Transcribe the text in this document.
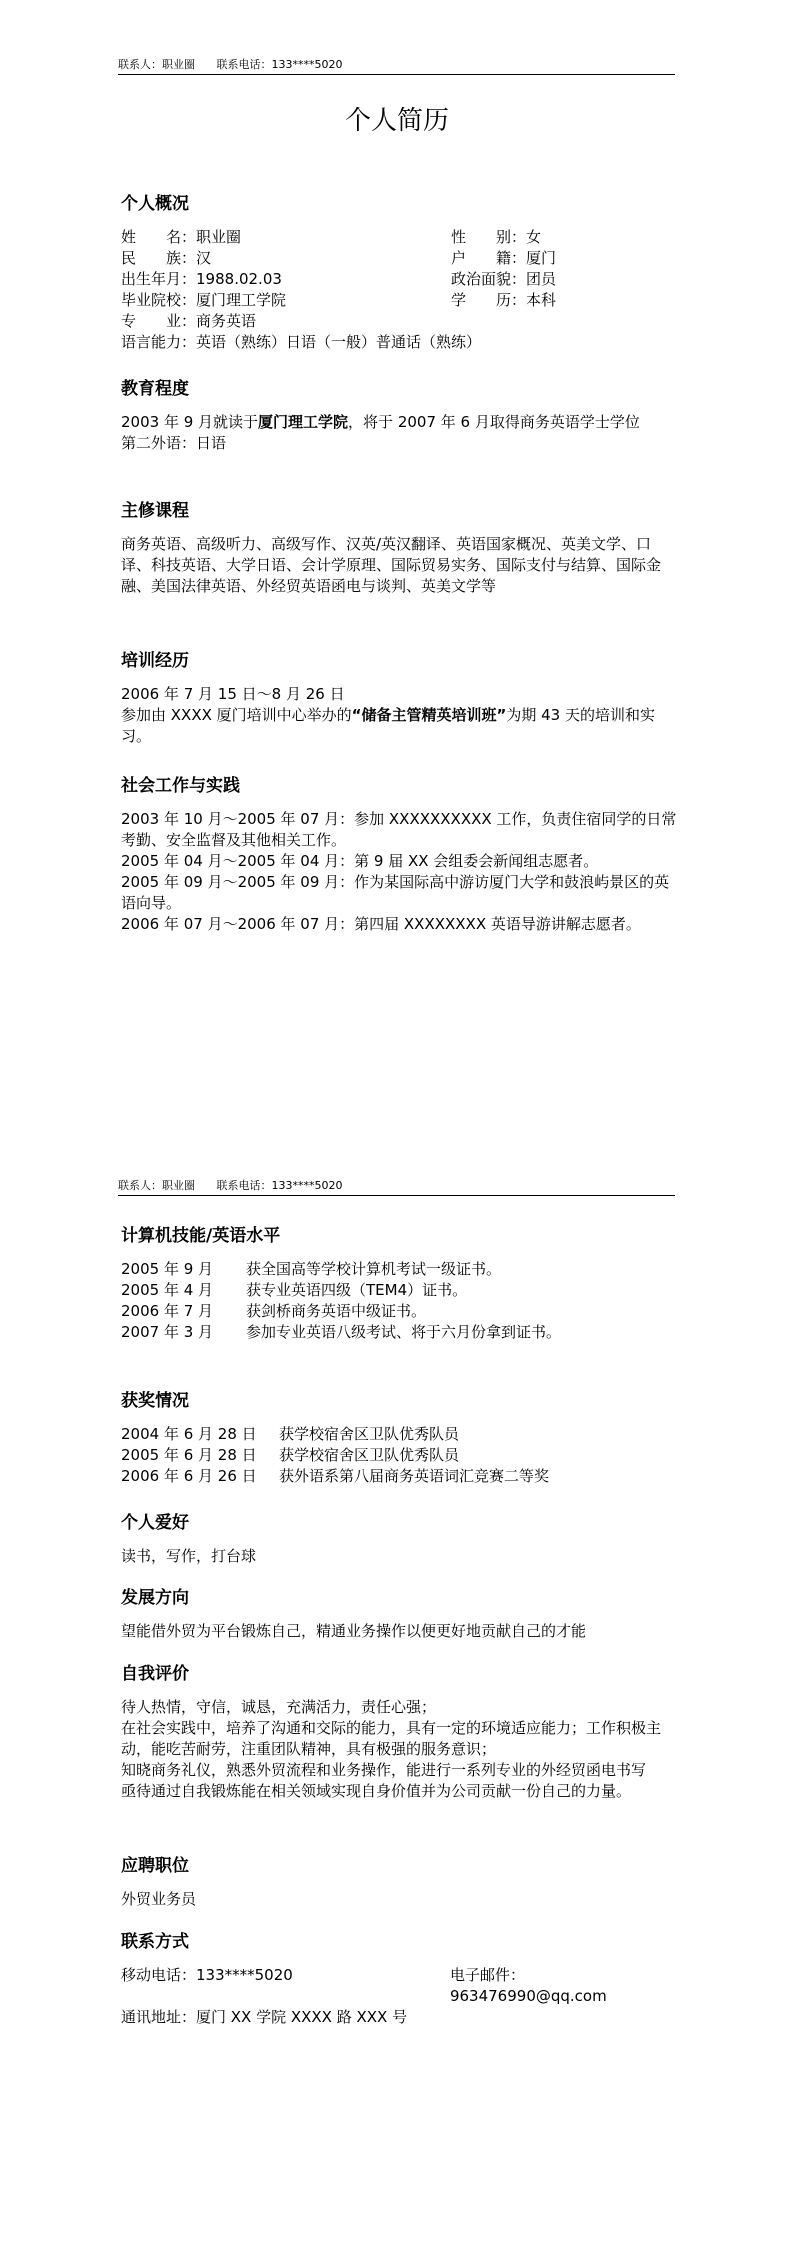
联系人：职业圈 联系电话：133****5020
个人简历
个人概况
姓　　名： 职业圈	性　　别： 女
民　　族： 汉	户　　籍： 厦门
出生年月： 1988.02.03	政治面貌： 团员
毕业院校： 厦门理工学院	学　　历： 本科
专　　业： 商务英语
语言能力：英语（熟练）日语（一般）普通话（熟练）
教育程度
2003 年 9 月就读于厦门理工学院，将于 2007 年 6 月取得商务英语学士学位
第二外语：日语
主修课程
商务英语、高级听力、高级写作、汉英/英汉翻译、英语国家概况、英美文学、口译、科技英语、大学日语、会计学原理、国际贸易实务、国际支付与结算、国际金融、美国法律英语、外经贸英语函电与谈判、英美文学等
培训经历
2006 年 7 月 15 日～8 月 26 日
参加由 XXXX 厦门培训中心举办的“储备主管精英培训班”为期 43 天的培训和实习。
社会工作与实践
2003 年 10 月～2005 年 07 月：参加 XXXXXXXXXX 工作，负责住宿同学的日常考勤、安全监督及其他相关工作。
2005 年 04 月～2005 年 04 月：第 9 届 XX 会组委会新闻组志愿者。
2005 年 09 月～2005 年 09 月：作为某国际高中游访厦门大学和鼓浪屿景区的英语向导。
2006 年 07 月～2006 年 07 月：第四届 XXXXXXXX 英语导游讲解志愿者。
联系人：职业圈 联系电话：133****5020
计算机技能/英语水平
2005 年 9 月	获全国高等学校计算机考试一级证书。
2005 年 4 月	获专业英语四级（TEM4）证书。
2006 年 7 月	获剑桥商务英语中级证书。
2007 年 3 月	参加专业英语八级考试、将于六月份拿到证书。
获奖情况
2004 年 6 月 28 日	获学校宿舍区卫队优秀队员
2005 年 6 月 28 日	获学校宿舍区卫队优秀队员
2006 年 6 月 26 日	获外语系第八届商务英语词汇竞赛二等奖
个人爱好
读书，写作，打台球
发展方向
望能借外贸为平台锻炼自己，精通业务操作以便更好地贡献自己的才能
自我评价
待人热情，守信，诚恳，充满活力，责任心强；
在社会实践中，培养了沟通和交际的能力，具有一定的环境适应能力；工作积极主动，能吃苦耐劳，注重团队精神，具有极强的服务意识；
知晓商务礼仪，熟悉外贸流程和业务操作，能进行一系列专业的外经贸函电书写
亟待通过自我锻炼能在相关领域实现自身价值并为公司贡献一份自己的力量。
应聘职位
外贸业务员
联系方式
移动电话：133****5020	电子邮件：963476990@qq.com
通讯地址：厦门 XX 学院 XXXX 路 XXX 号
